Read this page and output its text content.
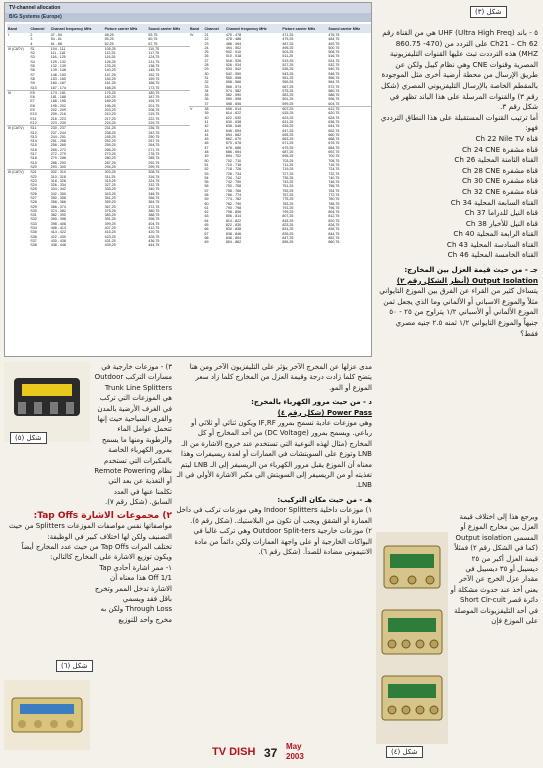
TV-channel allocation
B/G Systems (Europe)
Band	Channel	Channel frequency MHz	Picture carrier MHz	Sound carrier MHz
I	2	47 - 54	48,25	53,75
	3	54 - 61	55,25	60,75
	4	61 - 68	62,25	67,75
III (CATV)	S1	104 - 111	105,25	110,75
	S2	111 - 118	112,25	117,75
	S3	118 - 125	119,25	124,75
	S4	125 - 132	126,25	131,75
	S5	132 - 139	133,25	138,75
	S6	139 - 146	140,25	145,75
	S7	146 - 153	147,25	152,75
	S8	153 - 160	154,25	159,75
	S9	160 - 167	161,25	166,75
	S10	167 - 174	168,25	173,75
III	E5	174 - 181	175,25	180,75
	E6	181 - 188	182,25	187,75
	E7	188 - 195	189,25	194,75
	E8	195 - 202	196,25	201,75
	E9	202 - 209	203,25	208,75
	E10	209 - 216	210,25	215,75
	E11	216 - 223	217,25	222,75
	E12	223 - 230	224,25	229,75
III (CATV)	S11	230 - 237	231,25	236,75
	S12	237 - 244	238,25	243,75
	S13	244 - 251	245,25	250,75
	S14	251 - 258	252,25	257,75
	S15	258 - 265	259,25	264,75
	S16	265 - 272	266,25	271,75
	S17	272 - 279	273,25	278,75
	S18	279 - 286	280,25	285,75
	S19	286 - 293	287,25	292,75
	S20	293 - 300	294,25	299,75
III (CATV)	S21	302 - 310	303,25	308,75
	S22	310 - 318	311,25	316,75
	S23	318 - 326	319,25	324,75
	S24	326 - 334	327,25	332,75
	S25	334 - 342	335,25	340,75
	S26	342 - 350	343,25	348,75
	S27	350 - 358	351,25	356,75
	S28	358 - 366	359,25	364,75
	S29	366 - 374	367,25	372,75
	S30	374 - 382	375,25	380,75
	S31	382 - 390	383,25	388,75
	S32	390 - 398	391,25	396,75
	S33	398 - 406	399,25	404,75
	S34	406 - 414	407,25	412,75
	S35	414 - 422	415,25	420,75
	S36	422 - 430	423,25	428,75
	S37	430 - 438	431,25	436,75
	S38	438 - 446	439,25	444,75
Band	Channel	Channel frequency MHz	Picture carrier MHz	Sound carrier MHz
IV	21	470 - 478	471,25	476,75
	22	478 - 486	479,25	484,75
	23	486 - 494	487,25	492,75
	24	494 - 502	495,25	500,75
	25	502 - 510	503,25	508,75
	26	510 - 518	511,25	516,75
	27	518 - 526	519,25	524,75
	28	526 - 534	527,25	532,75
	29	534 - 542	535,25	540,75
	30	542 - 550	543,25	548,75
	31	550 - 558	551,25	556,75
	32	558 - 566	559,25	564,75
	33	566 - 574	567,25	572,75
	34	574 - 582	575,25	580,75
	35	582 - 590	583,25	588,75
	36	590 - 598	591,25	596,75
	37	598 - 606	599,25	604,75
V	38	606 - 614	607,25	612,75
	39	614 - 622	615,25	620,75
	40	622 - 630	623,25	628,75
	41	630 - 638	631,25	636,75
	42	638 - 646	639,25	644,75
	43	646 - 654	647,25	652,75
	44	654 - 662	655,25	660,75
	45	662 - 670	663,25	668,75
	46	670 - 678	671,25	676,75
	47	678 - 686	679,25	684,75
	48	686 - 694	687,25	692,75
	49	694 - 702	695,25	700,75
	50	702 - 710	703,25	708,75
	51	710 - 718	711,25	716,75
	52	718 - 726	719,25	724,75
	53	726 - 734	727,25	732,75
	54	734 - 742	735,25	740,75
	55	742 - 750	743,25	748,75
	56	750 - 758	751,25	756,75
	57	758 - 766	759,25	764,75
	58	766 - 774	767,25	772,75
	59	774 - 782	775,25	780,75
	60	782 - 790	783,25	788,75
	61	790 - 798	791,25	796,75
	62	798 - 806	799,25	804,75
	63	806 - 814	807,25	812,75
	64	814 - 822	815,25	820,75
	65	822 - 830	823,25	828,75
	66	830 - 838	831,25	836,75
	67	838 - 846	839,25	844,75
	68	846 - 854	847,25	852,75
	69	854 - 862	855,25	860,75
شكل (٣)
٥ - باند UHF (Ultra High Freq) هي من القناة رقم Ch21 – Ch 62 على التردد من (470- 860.75 MHZ) هذه الترددت تبث عليها القنوات التليفزيونية المصرية وقنوات CNE وهي نظام كيبل ولكن عن طريق الإرسال من محطة أرضية أخرى مثل الموجودة بالمقطم الخاصة بالإرسال التليفزيوني المصري (شكل رقم ٣) والقنوات المرسلة على هذا الباند تظهر في شكل رقم ٣.
أما ترتيب القنوات المستقبلة على هذا النطاق الترددي فهو:
قناة Ch 22 Nile TV
قناة مشفرة Ch 24 CNE
القناة الثامنة المحلية Ch 26
قناة مشفرة Ch 28 CNE
قناة مشفرة Ch 30 CNE
قناة مشفرة Ch 32 CNE
القناة السابعة المحلية Ch 34
قناة النيل للدراما Ch 37
قناة النيل للأخبار Ch 38
القناة الرابعة المحلية Ch 40
القناة السادسة المحلية Ch 43
القناة الخامسة المحلية Ch 46
جـ - من حيث قيمة العزل بين المخارج:
Output Isolation (أنظر الشكل رقم ٢)
يتساءل كثير من القراء عن الفرق بين الموزع التايواني مثلاً والموزع الاسباني أو الألماني وما الذي يجعل ثمن الموزع الألماني أو الأسباني ١/٢ يتراوح من ٢٥ - ٥٠ جنيهاً والموزع التايواني ١/٢ ثمنه ٢.٥ جنيه مصري فقط؟
ويرجع هذا إلى اختلاف قيمة العزل بين مخارج الموزع أو المسمى Output isolation (كما في الشكل رقم ٢) فمثلاً قيمة العزل أكبر من ٢٥ ديسيبل أو ٣٥ ديسيبل في مقدار عزل الخرج عن الآخر يعني أخذ عند حدوث مشكلة أو دائرة قصر Short Cir-cuit في أحد التليفزيونات الموصلة على الموزع فإن
شكل (٤)
مدى عزلها عن المخرج الآخر يؤثر على التليفزيون الآخر ومن هنا يتضح كلما زادت درجة وقيمة العزل من المخارج كلما زاد سعر الموزع أو المو.
د - من حيث مرور الكهرباء بالمخرج:
Power Pass (شكل رقم ٤)
وهي موزعات عادية تسمح بمرور IF,RF ويكون ثنائي أو ثلاثي أو رباعي. ويسمح بمرور (DC Voltage) من أحد المخارج أو كل المخارج (مثال لهذه النوعية التي تستخدم عند خروج الاشارة من الـ LNB وتوزع على السويتشات في العمارات أو لعدة ريسيفرات وهذا معناه أن الموزع يقبل مرور الكهرباء من الريسيفر إلى الـ LNB ليتم تغذيته أو من الريسيفر إلى السويتش الى مكبر الاشارة الأولي في الـ LNB.
هـ - من حيث مكان التركيب:
١) موزعات داخلية Indoor Splitters وهي موزعات تركب في داخل العمارة أو الشقق ويجب أن تكون من البلاستيك. (شكل رقم ٥).
٢) موزعات خارجية Outdoor Split-ters وهي تركب غالبا في البواكات الخارجية أو على واجهة العمارات ولكن دائماً من مادة الانتيمونى مضادة للصدأ. (شكل رقم ٦).
شكل (٥)
٣) - موزعات خارجية في مسارات التركب Outdoor Trunk Line Splitters هي الموزعات التي تركب في الغرف الأرضية بالمدن والقرى السياحية حيث إنها تتحمل عوامل الماء والرطوبة ومنها ما يسمح بمرور الكهرباء الخاصة بالمكبرات التي تستخدم نظام Remote Powering أو التغذية عن بعد التي تكلمنا عنها في العدد السابق. (شكل رقم ٧).
٢) مجموعات الاشارة Tap Offs:
مواصفاتها نفس مواصفات الموزعات Splitters من حيث التصنيف ولكن لها اختلاف كبير في الوظيفة:
تختلف المرات Tap Offs من حيث عدد المخارج أيضاً ويكون توزيع الاشارة على المخارج كالتالي:
١- ممر اشارة أحادي Tap Off 1/1 هذا معناه أن الاشارة تدخل الممر وتخرج باقل فقد ويسمي Through Loss ولكن به مخرج واحد للتوزيع
شكل (٦)
TV DISH 37 May
2003
